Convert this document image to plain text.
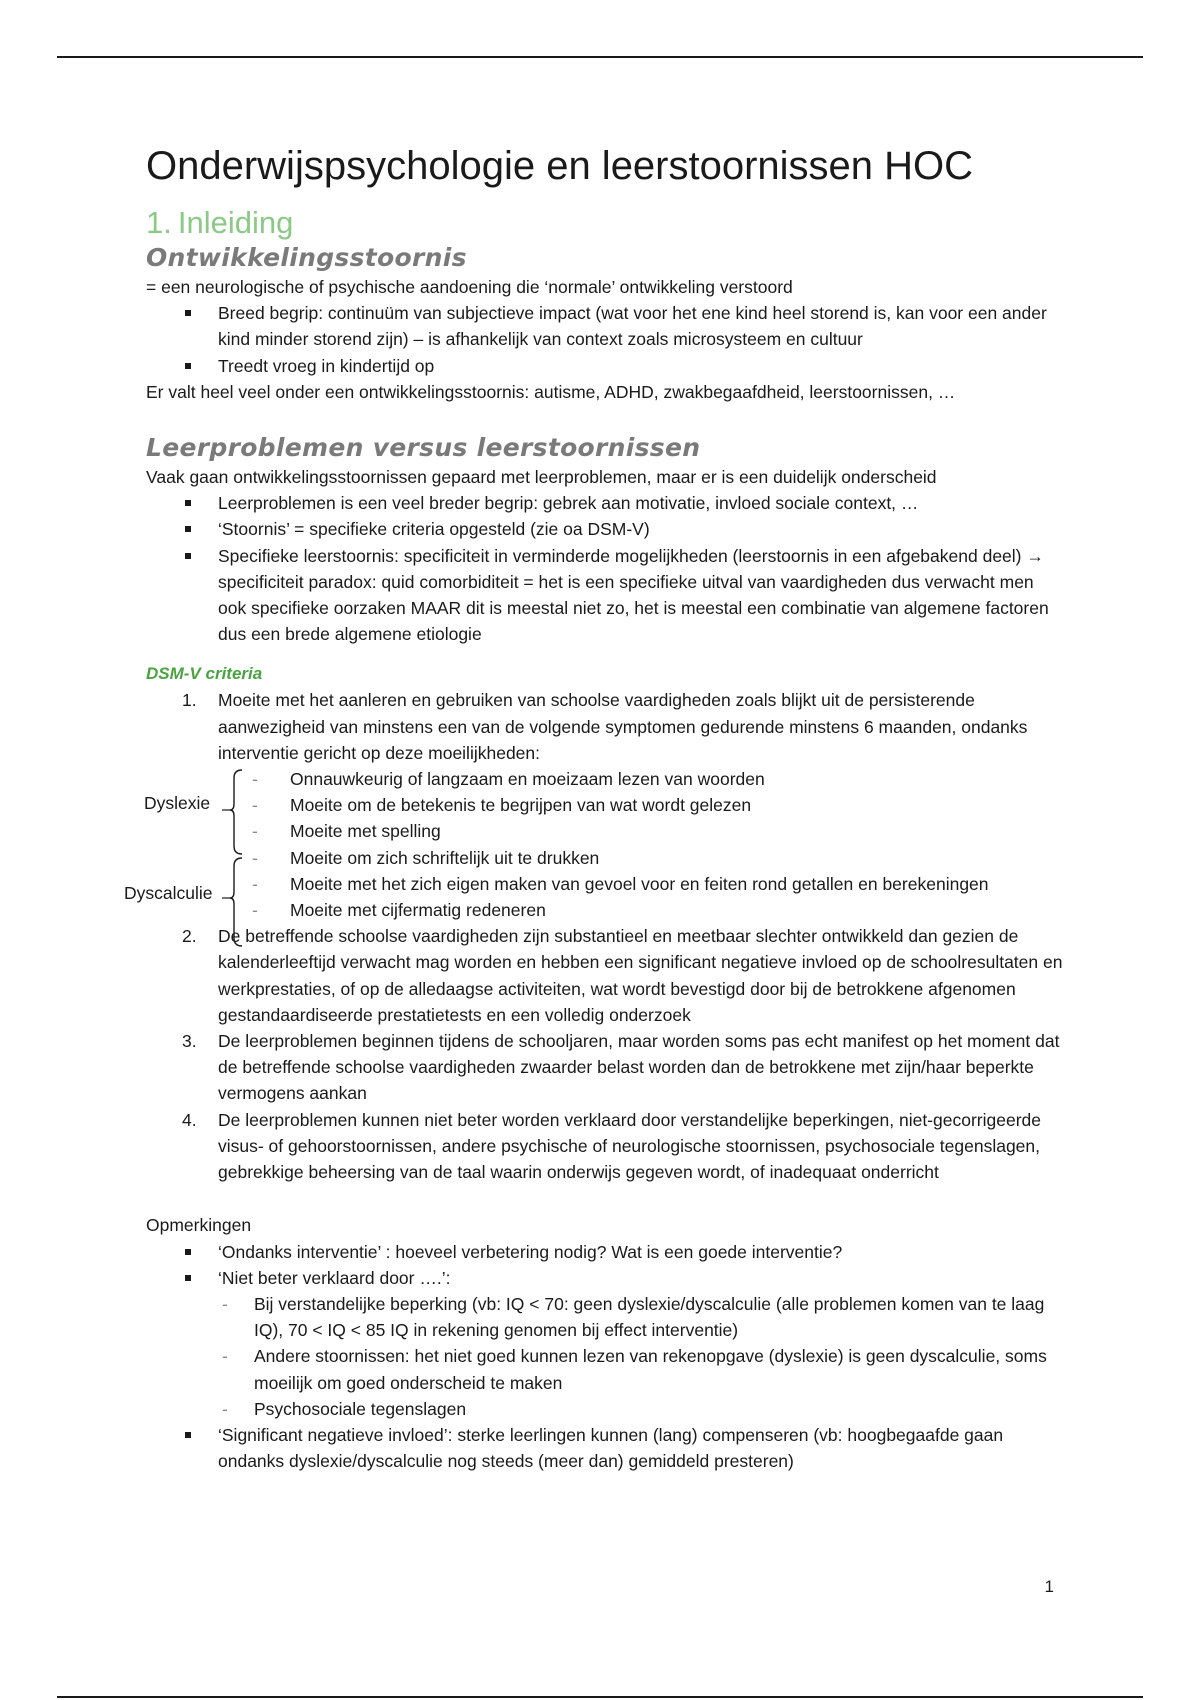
Onderwijspsychologie en leerstoornissen HOC
1. Inleiding
Ontwikkelingsstoornis

= een neurologische of psychische aandoening die ‘normale’ ontwikkeling verstoord

Breed begrip: continuüm van subjectieve impact (wat voor het ene kind heel storend is, kan voor een ander kind minder storend zijn) – is afhankelijk van context zoals microsysteem en cultuur
Treedt vroeg in kindertijd op

Er valt heel veel onder een ontwikkelingsstoornis: autisme, ADHD, zwakbegaafdheid, leerstoornissen, …

Leerproblemen versus leerstoornissen

Vaak gaan ontwikkelingsstoornissen gepaard met leerproblemen, maar er is een duidelijk onderscheid

Leerproblemen is een veel breder begrip: gebrek aan motivatie, invloed sociale context, …
‘Stoornis’ = specifieke criteria opgesteld (zie oa DSM-V)
Specifieke leerstoornis: specificiteit in verminderde mogelijkheden (leerstoornis in een afgebakend deel) → specificiteit paradox: quid comorbiditeit = het is een specifieke uitval van vaardigheden dus verwacht men ook specifieke oorzaken MAAR dit is meestal niet zo, het is meestal een combinatie van algemene factoren dus een brede algemene etiologie
DSM-V criteria
1. Moeite met het aanleren en gebruiken van schoolse vaardigheden zoals blijkt uit de persisterende aanwezigheid van minstens een van de volgende symptomen gedurende minstens 6 maanden, ondanks interventie gericht op deze moeilijkheden:
Dyslexie
Dyscalculie
- Onnauwkeurig of langzaam en moeizaam lezen van woorden
- Moeite om de betekenis te begrijpen van wat wordt gelezen
- Moeite met spelling
- Moeite om zich schriftelijk uit te drukken
- Moeite met het zich eigen maken van gevoel voor en feiten rond getallen en berekeningen
- Moeite met cijfermatig redeneren
2. De betreffende schoolse vaardigheden zijn substantieel en meetbaar slechter ontwikkeld dan gezien de kalenderleeftijd verwacht mag worden en hebben een significant negatieve invloed op de schoolresultaten en werkprestaties, of op de alledaagse activiteiten, wat wordt bevestigd door bij de betrokkene afgenomen gestandaardiseerde prestatietests en een volledig onderzoek
3. De leerproblemen beginnen tijdens de schooljaren, maar worden soms pas echt manifest op het moment dat de betreffende schoolse vaardigheden zwaarder belast worden dan de betrokkene met zijn/haar beperkte vermogens aankan
4. De leerproblemen kunnen niet beter worden verklaard door verstandelijke beperkingen, niet-gecorrigeerde visus- of gehoorstoornissen, andere psychische of neurologische stoornissen, psychosociale tegenslagen, gebrekkige beheersing van de taal waarin onderwijs gegeven wordt, of inadequaat onderricht

Opmerkingen

‘Ondanks interventie’ : hoeveel verbetering nodig? Wat is een goede interventie?
‘Niet beter verklaard door ….’:
- Bij verstandelijke beperking (vb: IQ < 70: geen dyslexie/dyscalculie (alle problemen komen van te laag IQ), 70 < IQ < 85 IQ in rekening genomen bij effect interventie)
- Andere stoornissen: het niet goed kunnen lezen van rekenopgave (dyslexie) is geen dyscalculie, soms moeilijk om goed onderscheid te maken
- Psychosociale tegenslagen
‘Significant negatieve invloed’: sterke leerlingen kunnen (lang) compenseren (vb: hoogbegaafde gaan ondanks dyslexie/dyscalculie nog steeds (meer dan) gemiddeld presteren)
1
